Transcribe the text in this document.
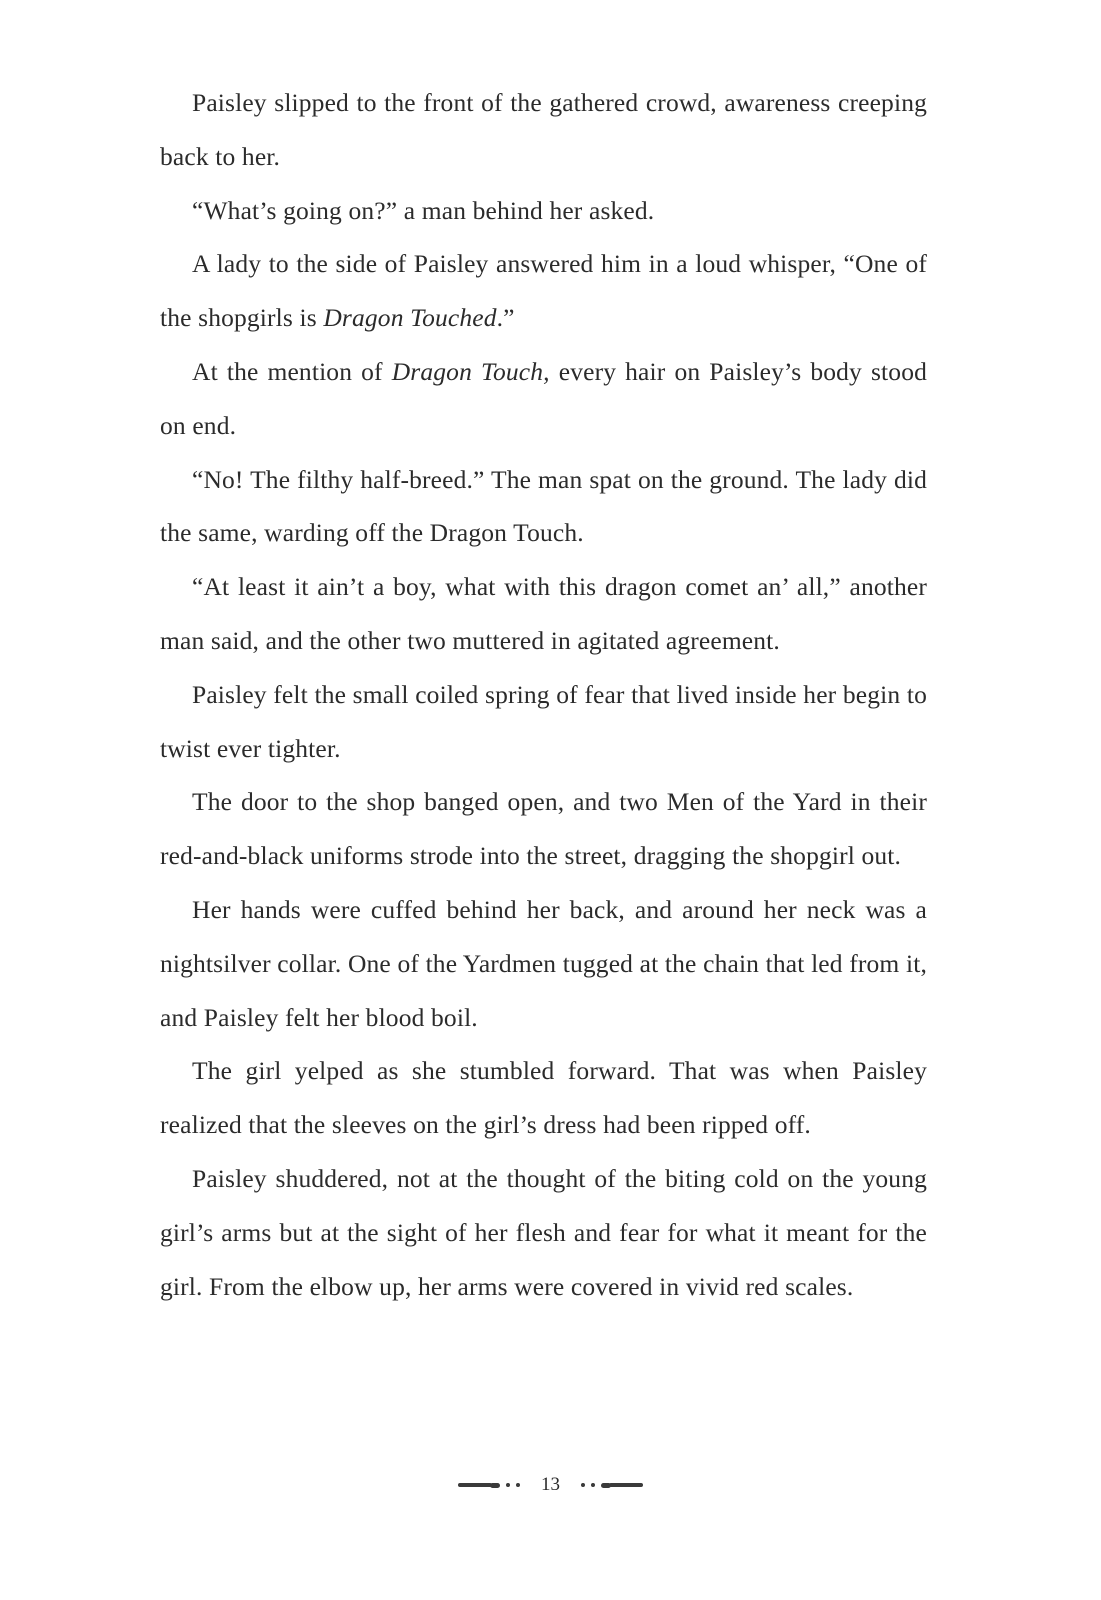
Paisley slipped to the front of the gathered crowd, awareness creeping back to her.

“What’s going on?” a man behind her asked.

A lady to the side of Paisley answered him in a loud whisper, “One of the shopgirls is Dragon Touched.”

At the mention of Dragon Touch, every hair on Paisley’s body stood on end.

“No! The filthy half-breed.” The man spat on the ground. The lady did the same, warding off the Dragon Touch.

“At least it ain’t a boy, what with this dragon comet an’ all,” another man said, and the other two muttered in agitated agreement.

Paisley felt the small coiled spring of fear that lived inside her begin to twist ever tighter.

The door to the shop banged open, and two Men of the Yard in their red-and-black uniforms strode into the street, dragging the shopgirl out.

Her hands were cuffed behind her back, and around her neck was a nightsilver collar. One of the Yardmen tugged at the chain that led from it, and Paisley felt her blood boil.

The girl yelped as she stumbled forward. That was when Paisley realized that the sleeves on the girl’s dress had been ripped off.

Paisley shuddered, not at the thought of the biting cold on the young girl’s arms but at the sight of her flesh and fear for what it meant for the girl. From the elbow up, her arms were covered in vivid red scales.

13
